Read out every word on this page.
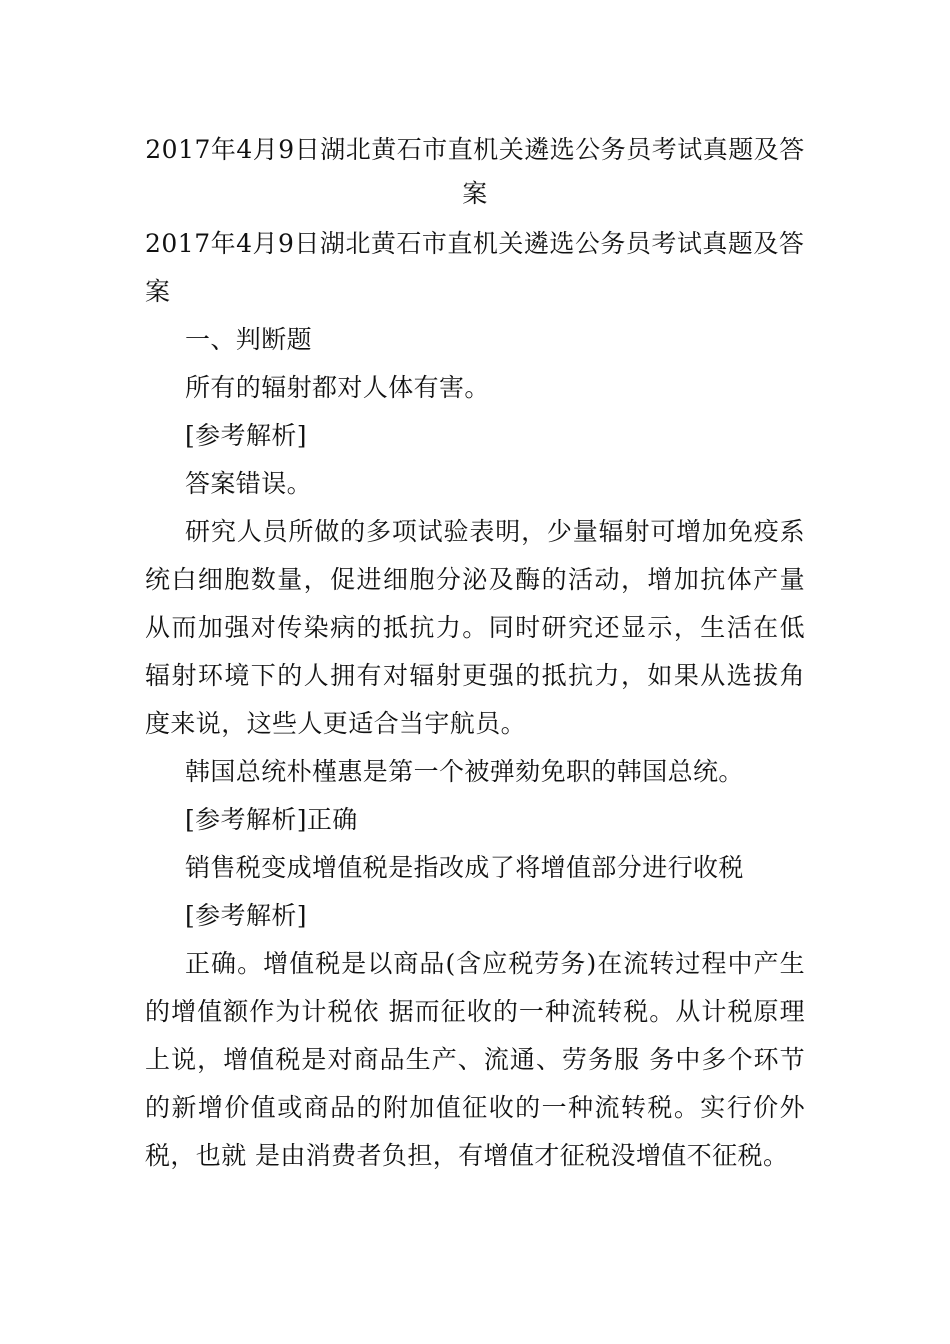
2017年4月9日湖北黄石市直机关遴选公务员考试真题及答案
2017年4月9日湖北黄石市直机关遴选公务员考试真题及答案

一、判断题

所有的辐射都对人体有害。

[参考解析]

答案错误。

研究人员所做的多项试验表明，少量辐射可增加免疫系统白细胞数量，促进细胞分泌及酶的活动，增加抗体产量从而加强对传染病的抵抗力。同时研究还显示，生活在低辐射环境下的人拥有对辐射更强的抵抗力，如果从选拔角度来说，这些人更适合当宇航员。

韩国总统朴槿惠是第一个被弹劾免职的韩国总统。

[参考解析]正确

销售税变成增值税是指改成了将增值部分进行收税

[参考解析]

正确。增值税是以商品(含应税劳务)在流转过程中产生的增值额作为计税依 据而征收的一种流转税。从计税原理上说，增值税是对商品生产、流通、劳务服 务中多个环节的新增价值或商品的附加值征收的一种流转税。实行价外税，也就 是由消费者负担，有增值才征税没增值不征税。
